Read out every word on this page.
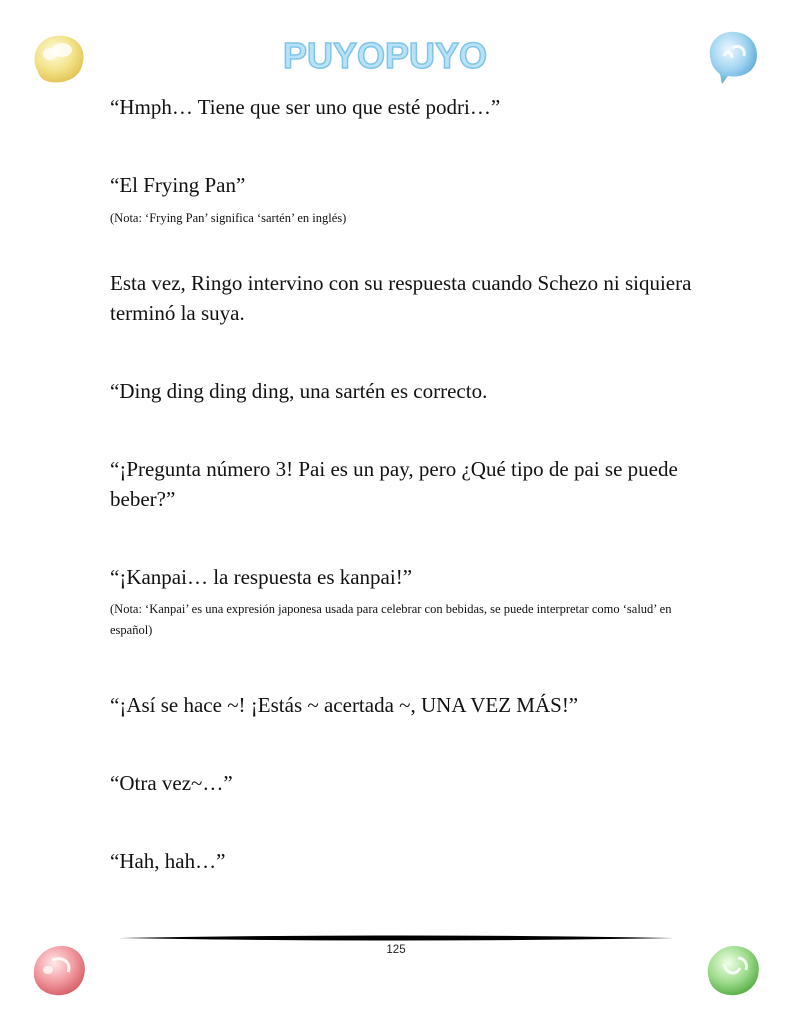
PUYOPUYO

“Hmph… Tiene que ser uno que esté podri…”

“El Frying Pan”

(Nota: ‘Frying Pan’ significa ‘sartén’ en inglés)

Esta vez, Ringo intervino con su respuesta cuando Schezo ni siquiera terminó la suya.

“Ding ding ding ding, una sartén es correcto.

“¡Pregunta número 3! Pai es un pay, pero ¿Qué tipo de pai se puede beber?”

“¡Kanpai… la respuesta es kanpai!”

(Nota: ‘Kanpai’ es una expresión japonesa usada para celebrar con bebidas, se puede interpretar como ‘salud’ en español)

“¡Así se hace ~! ¡Estás ~ acertada ~, UNA VEZ MÁS!”

“Otra vez~…”

“Hah, hah…”

125
